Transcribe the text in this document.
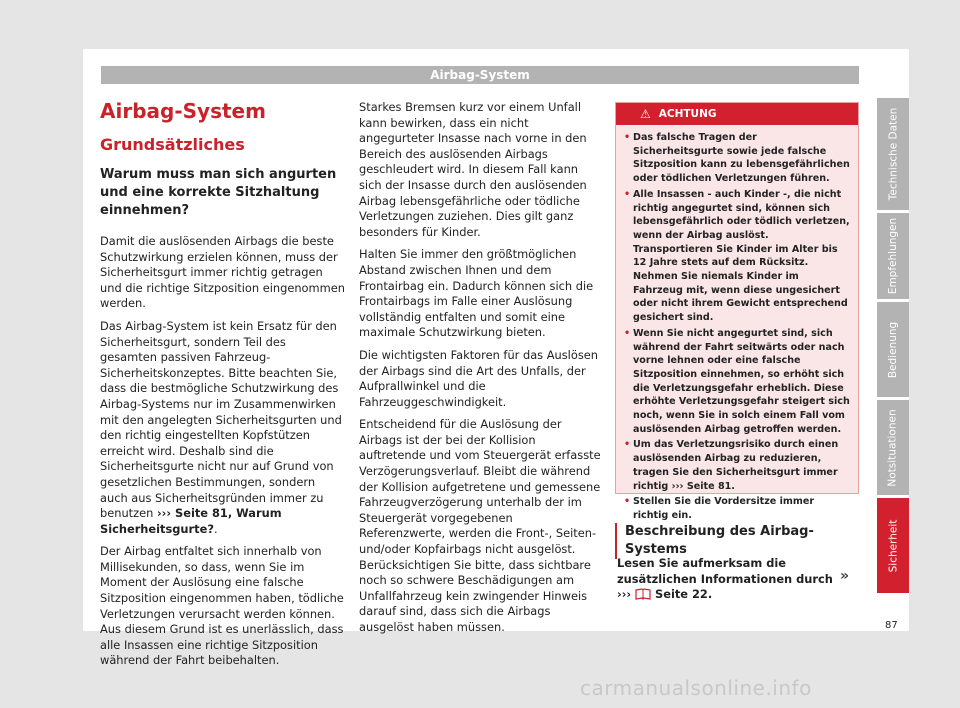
Airbag-System
Airbag-System
Grundsätzliches
Warum muss man sich angurten und eine korrekte Sitzhaltung einnehmen?

Damit die auslösenden Airbags die beste Schutzwirkung erzielen können, muss der Sicherheitsgurt immer richtig getragen und die richtige Sitzposition eingenommen werden.

Das Airbag-System ist kein Ersatz für den Sicherheitsgurt, sondern Teil des gesamten passiven Fahrzeug-Sicherheitskonzeptes. Bitte beachten Sie, dass die bestmögliche Schutzwirkung des Airbag-Systems nur im Zusammenwirken mit den angelegten Sicherheitsgurten und den richtig eingestellten Kopfstützen erreicht wird. Deshalb sind die Sicherheitsgurte nicht nur auf Grund von gesetzlichen Bestimmungen, sondern auch aus Sicherheitsgründen immer zu benutzen ››› Seite 81, Warum Sicherheitsgurte?.

Der Airbag entfaltet sich innerhalb von Millisekunden, so dass, wenn Sie im Moment der Auslösung eine falsche Sitzposition eingenommen haben, tödliche Verletzungen verursacht werden können. Aus diesem Grund ist es unerlässlich, dass alle Insassen eine richtige Sitzposition während der Fahrt beibehalten.

Starkes Bremsen kurz vor einem Unfall kann bewirken, dass ein nicht angegurteter Insasse nach vorne in den Bereich des auslösenden Airbags geschleudert wird. In diesem Fall kann sich der Insasse durch den auslösenden Airbag lebensgefährliche oder tödliche Verletzungen zuziehen. Dies gilt ganz besonders für Kinder.

Halten Sie immer den größtmöglichen Abstand zwischen Ihnen und dem Frontairbag ein. Dadurch können sich die Frontairbags im Falle einer Auslösung vollständig entfalten und somit eine maximale Schutzwirkung bieten.

Die wichtigsten Faktoren für das Auslösen der Airbags sind die Art des Unfalls, der Aufprallwinkel und die Fahrzeuggeschwindigkeit.

Entscheidend für die Auslösung der Airbags ist der bei der Kollision auftretende und vom Steuergerät erfasste Verzögerungsverlauf. Bleibt die während der Kollision aufgetretene und gemessene Fahrzeugverzögerung unterhalb der im Steuergerät vorgegebenen Referenzwerte, werden die Front-, Seiten- und/oder Kopfairbags nicht ausgelöst. Berücksichtigen Sie bitte, dass sichtbare noch so schwere Beschädigungen am Unfallfahrzeug kein zwingender Hinweis darauf sind, dass sich die Airbags ausgelöst haben müssen.

⚠ ACHTUNG
• Das falsche Tragen der Sicherheitsgurte sowie jede falsche Sitzposition kann zu lebensgefährlichen oder tödlichen Verletzungen führen.
• Alle Insassen - auch Kinder -, die nicht richtig angegurtet sind, können sich lebensgefährlich oder tödlich verletzen, wenn der Airbag auslöst. Transportieren Sie Kinder im Alter bis 12 Jahre stets auf dem Rücksitz. Nehmen Sie niemals Kinder im Fahrzeug mit, wenn diese ungesichert oder nicht ihrem Gewicht entsprechend gesichert sind.
• Wenn Sie nicht angegurtet sind, sich während der Fahrt seitwärts oder nach vorne lehnen oder eine falsche Sitzposition einnehmen, so erhöht sich die Verletzungsgefahr erheblich. Diese erhöhte Verletzungsgefahr steigert sich noch, wenn Sie in solch einem Fall vom auslösenden Airbag getroffen werden.
• Um das Verletzungsrisiko durch einen auslösenden Airbag zu reduzieren, tragen Sie den Sicherheitsgurt immer richtig ››› Seite 81.
• Stellen Sie die Vordersitze immer richtig ein.
Beschreibung des Airbag-Systems
Lesen Sie aufmerksam die zusätzlichen Informationen durch ››› Seite 22.
»
Technische Daten
Empfehlungen
Bedienung
Notsituationen
Sicherheit
87
carmanualsonline.info
